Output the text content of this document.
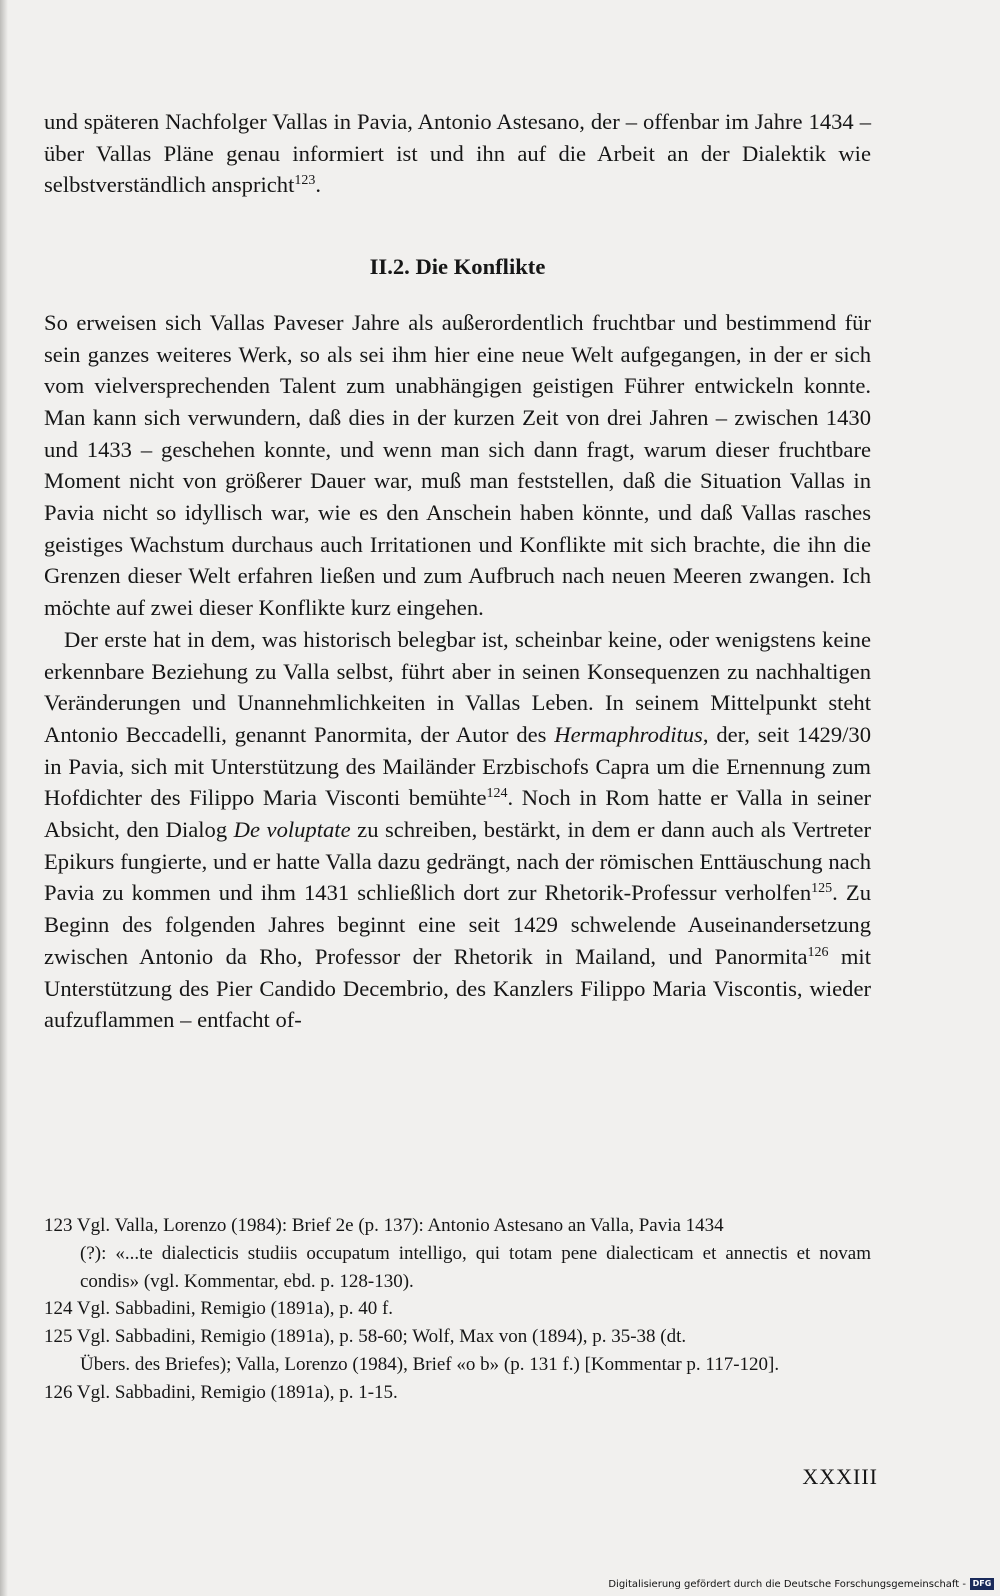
und späteren Nachfolger Vallas in Pavia, Antonio Astesano, der – offenbar im Jahre 1434 – über Vallas Pläne genau informiert ist und ihn auf die Arbeit an der Dialektik wie selbstverständlich anspricht$^{123}$.

II.2. Die Konflikte

So erweisen sich Vallas Paveser Jahre als außerordentlich fruchtbar und bestimmend für sein ganzes weiteres Werk, so als sei ihm hier eine neue Welt aufgegangen, in der er sich vom vielversprechenden Talent zum unabhängigen geistigen Führer entwickeln konnte. Man kann sich verwundern, daß dies in der kurzen Zeit von drei Jahren – zwischen 1430 und 1433 – geschehen konnte, und wenn man sich dann fragt, warum dieser fruchtbare Moment nicht von größerer Dauer war, muß man feststellen, daß die Situation Vallas in Pavia nicht so idyllisch war, wie es den Anschein haben könnte, und daß Vallas rasches geistiges Wachstum durchaus auch Irritationen und Konflikte mit sich brachte, die ihn die Grenzen dieser Welt erfahren ließen und zum Aufbruch nach neuen Meeren zwangen. Ich möchte auf zwei dieser Konflikte kurz eingehen.

Der erste hat in dem, was historisch belegbar ist, scheinbar keine, oder wenigstens keine erkennbare Beziehung zu Valla selbst, führt aber in seinen Konsequenzen zu nachhaltigen Veränderungen und Unannehmlichkeiten in Vallas Leben. In seinem Mittelpunkt steht Antonio Beccadelli, genannt Panormita, der Autor des Hermaphroditus, der, seit 1429/30 in Pavia, sich mit Unterstützung des Mailänder Erzbischofs Capra um die Ernennung zum Hofdichter des Filippo Maria Visconti bemühte$^{124}$. Noch in Rom hatte er Valla in seiner Absicht, den Dialog De voluptate zu schreiben, bestärkt, in dem er dann auch als Vertreter Epikurs fungierte, und er hatte Valla dazu gedrängt, nach der römischen Enttäuschung nach Pavia zu kommen und ihm 1431 schließlich dort zur Rhetorik-Professur verholfen$^{125}$. Zu Beginn des folgenden Jahres beginnt eine seit 1429 schwelende Auseinandersetzung zwischen Antonio da Rho, Professor der Rhetorik in Mailand, und Panormita$^{126}$ mit Unterstützung des Pier Candido Decembrio, des Kanzlers Filippo Maria Viscontis, wieder aufzuflammen – entfacht of-

123 Vgl. Valla, Lorenzo (1984): Brief 2e (p. 137): Antonio Astesano an Valla, Pavia 1434
(?): «...te dialecticis studiis occupatum intelligo, qui totam pene dialecticam et annectis et novam condis» (vgl. Kommentar, ebd. p. 128-130).

124 Vgl. Sabbadini, Remigio (1891a), p. 40 f.

125 Vgl. Sabbadini, Remigio (1891a), p. 58-60; Wolf, Max von (1894), p. 35-38 (dt.
Übers. des Briefes); Valla, Lorenzo (1984), Brief «o b» (p. 131 f.) [Kommentar p. 117-120].

126 Vgl. Sabbadini, Remigio (1891a), p. 1-15.

XXXIII
Digitalisierung gefördert durch die Deutsche Forschungsgemeinschaft - DFG
